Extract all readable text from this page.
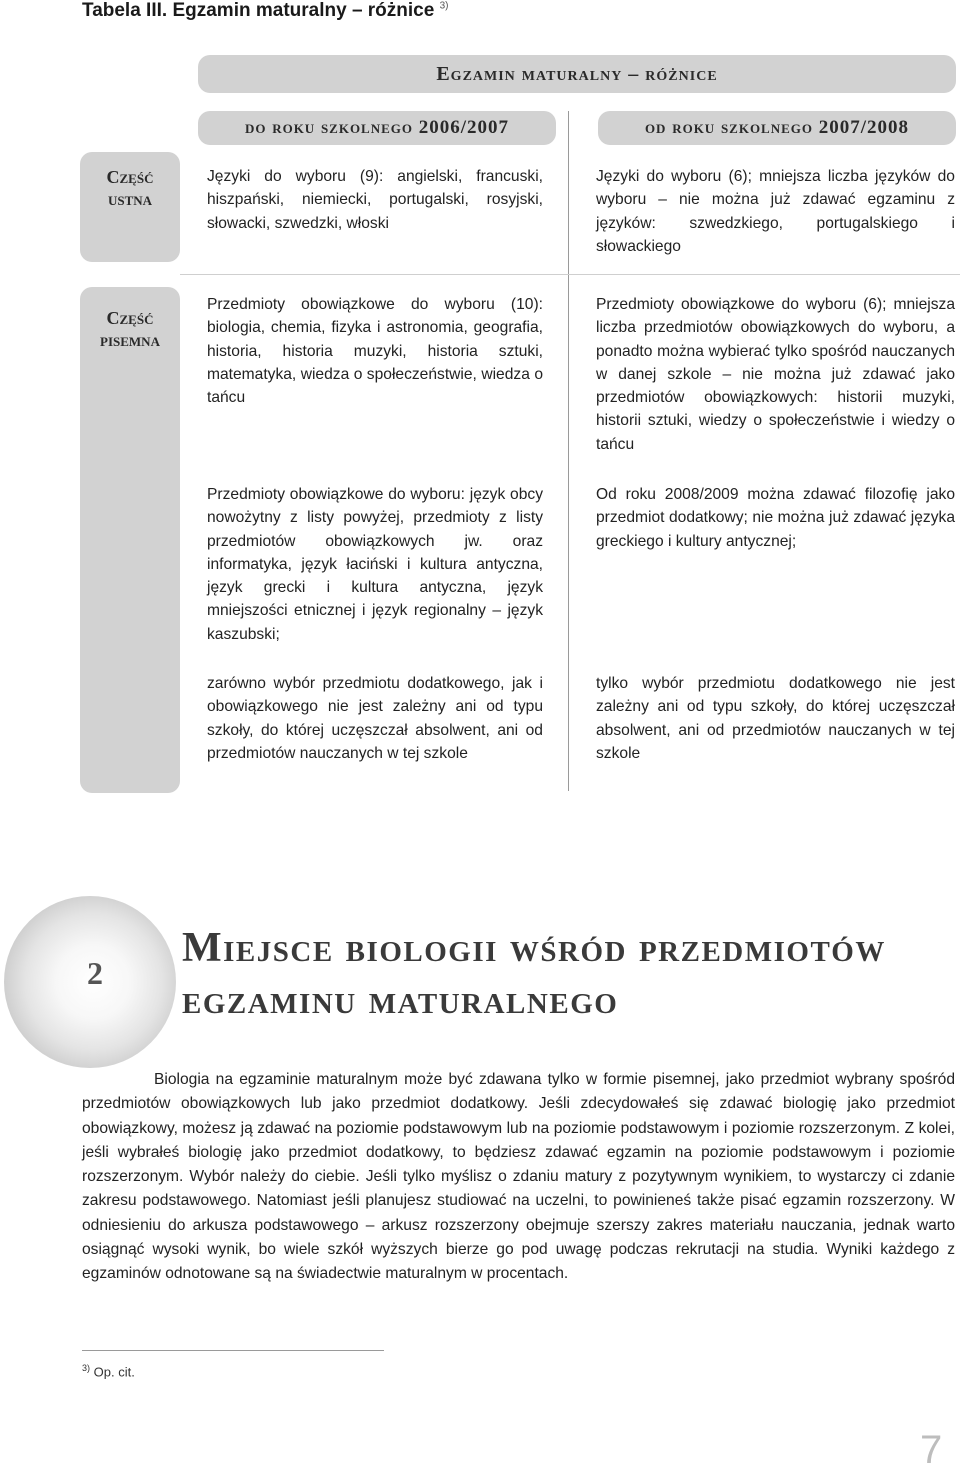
Tabela III. Egzamin maturalny – różnice $^{3)}$
Egzamin maturalny – różnice
do roku szkolnego 2006/2007	od roku szkolnego 2007/2008
Część
ustna
Języki do wyboru (9): angielski, francuski, hiszpański, niemiecki, portugalski, rosyjski, słowacki, szwedzki, włoski
Języki do wyboru (6); mniejsza liczba języków do wyboru – nie można już zdawać egzaminu z języków: szwedzkiego, portugalskiego i słowackiego
Część
pisemna
Przedmioty obowiązkowe do wyboru (10): biologia, chemia, fizyka i astronomia, geografia, historia, historia muzyki, historia sztuki, matematyka, wiedza o społeczeństwie, wiedza o tańcu
Przedmioty obowiązkowe do wyboru (6); mniejsza liczba przedmiotów obowiązkowych do wyboru, a ponadto można wybierać tylko spośród nauczanych w danej szkole – nie można już zdawać jako przedmiotów obowiązkowych: historii muzyki, historii sztuki, wiedzy o społeczeństwie i wiedzy o tańcu
Przedmioty obowiązkowe do wyboru: język obcy nowożytny z listy powyżej, przedmioty z listy przedmiotów obowiązkowych jw. oraz informatyka, język łaciński i kultura antyczna, język grecki i kultura antyczna, język mniejszości etnicznej i język regionalny – język kaszubski;
Od roku 2008/2009 można zdawać filozofię jako przedmiot dodatkowy; nie można już zdawać języka greckiego i kultury antycznej;
zarówno wybór przedmiotu dodatkowego, jak i obowiązkowego nie jest zależny ani od typu szkoły, do której uczęszczał absolwent, ani od przedmiotów nauczanych w tej szkole
tylko wybór przedmiotu dodatkowego nie jest zależny ani od typu szkoły, do której uczęszczał absolwent, ani od przedmiotów nauczanych w tej szkole
2
Miejsce biologii wśród przedmiotów
egzaminu maturalnego
Biologia na egzaminie maturalnym może być zdawana tylko w formie pisemnej, jako przedmiot wybrany spośród przedmiotów obowiązkowych lub jako przedmiot dodatkowy. Jeśli zdecydowałeś się zdawać biologię jako przedmiot obowiązkowy, możesz ją zdawać na poziomie podstawowym lub na poziomie podstawowym i poziomie rozszerzonym. Z kolei, jeśli wybrałeś biologię jako przedmiot dodatkowy, to będziesz zdawać egzamin na poziomie podstawowym i poziomie rozszerzonym. Wybór należy do ciebie. Jeśli tylko myślisz o zdaniu matury z pozytywnym wynikiem, to wystarczy ci zdanie zakresu podstawowego. Natomiast jeśli planujesz studiować na uczelni, to powinieneś także pisać egzamin rozszerzony. W odniesieniu do arkusza podstawowego – arkusz rozszerzony obejmuje szerszy zakres materiału nauczania, jednak warto osiągnąć wysoki wynik, bo wiele szkół wyższych bierze go pod uwagę podczas rekrutacji na studia. Wyniki każdego z egzaminów odnotowane są na świadectwie maturalnym w procentach.
$^{3)}$ Op. cit.
7
